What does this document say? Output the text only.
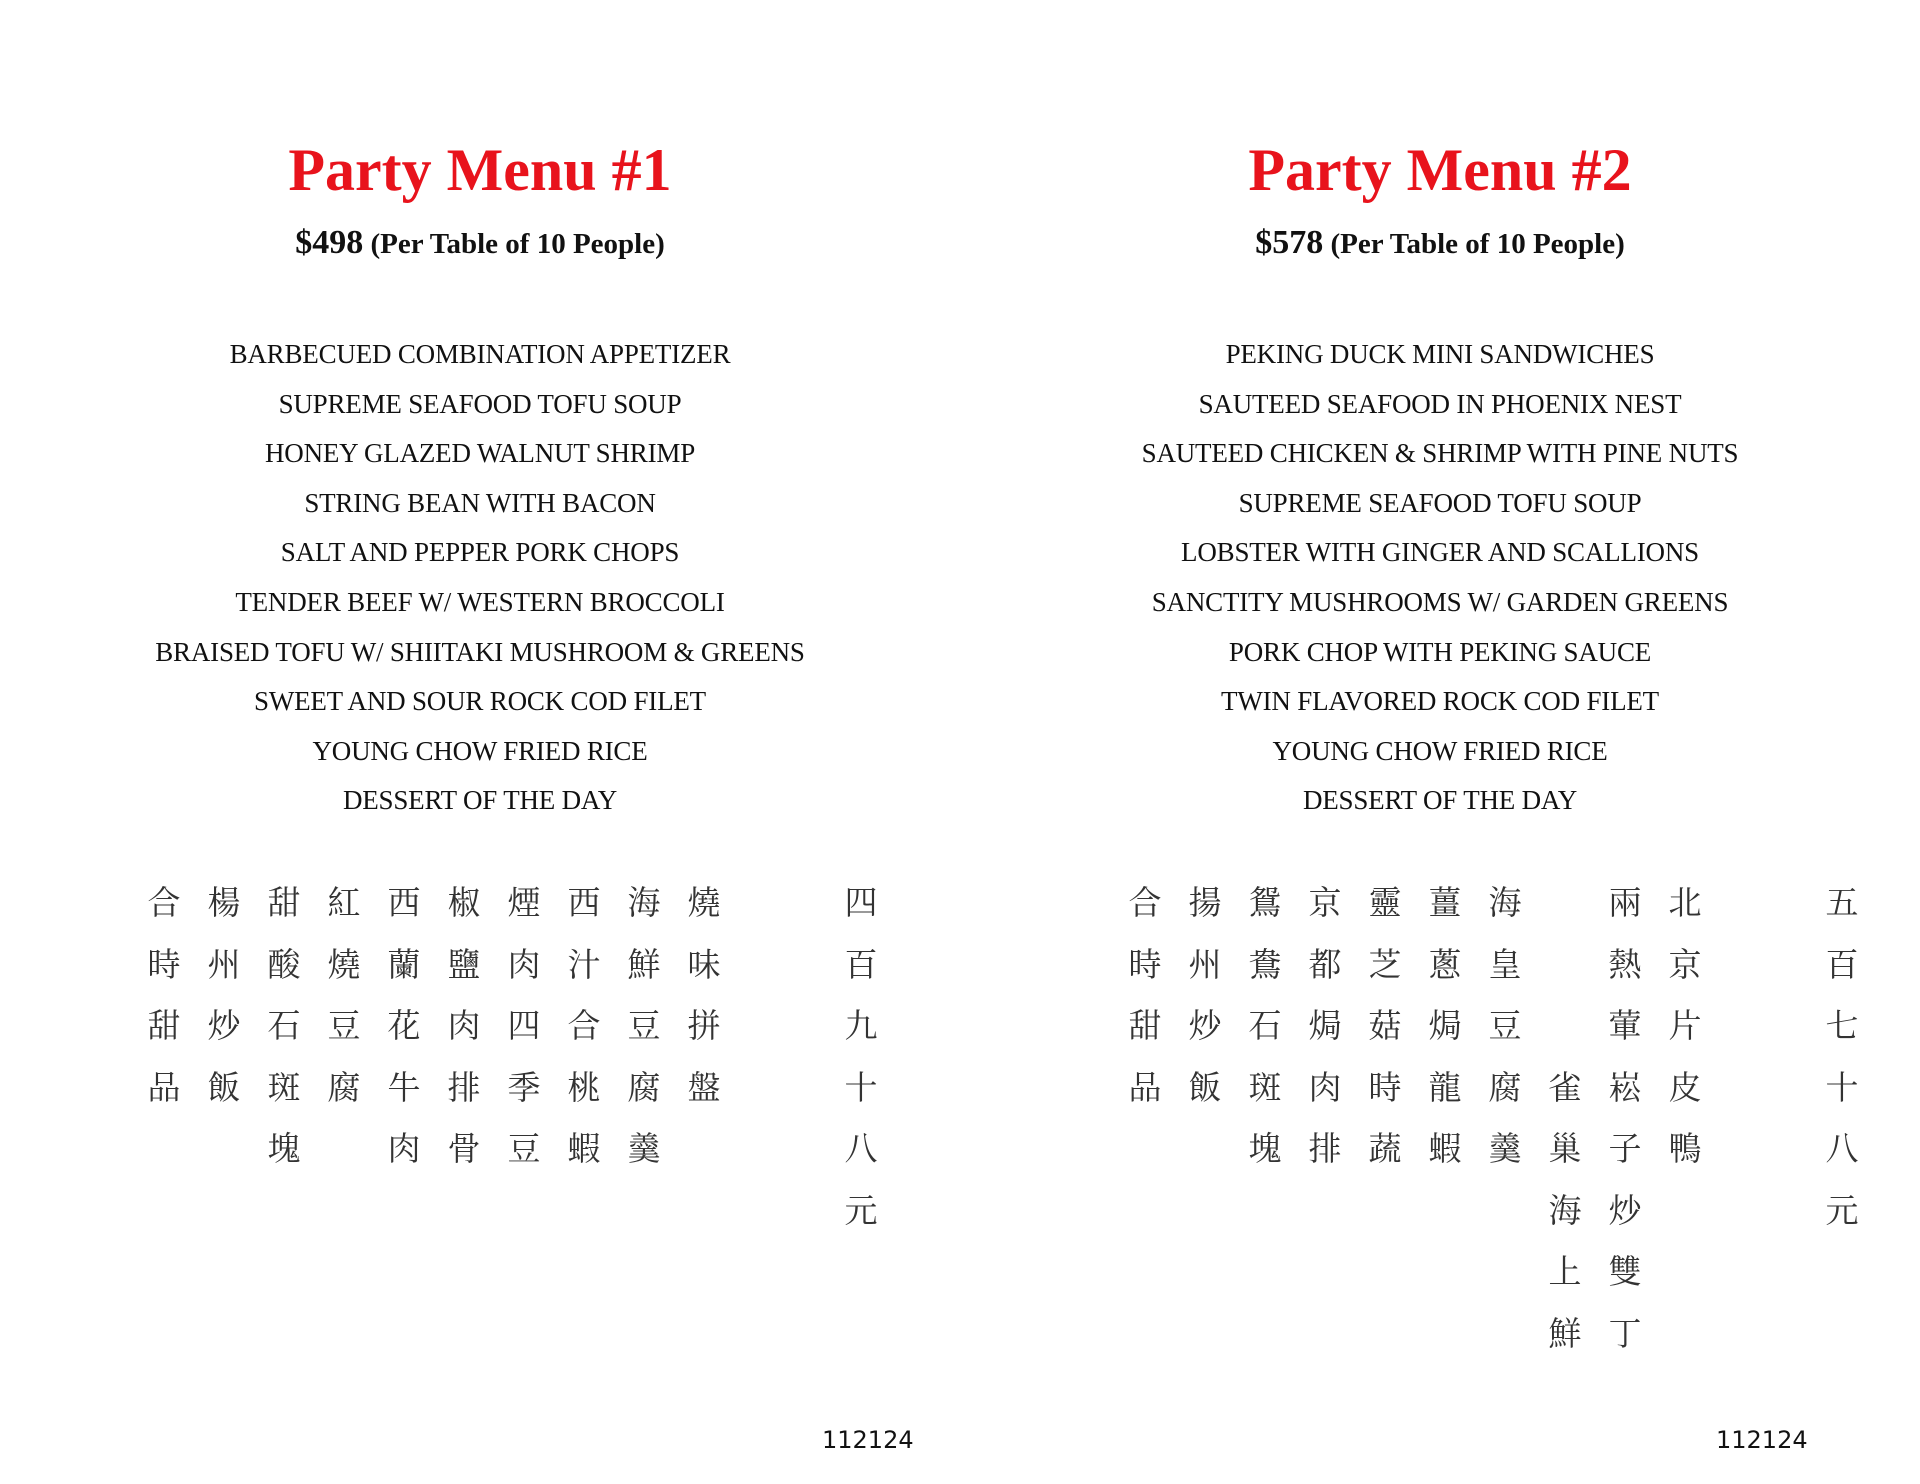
Party Menu #1
$498 (Per Table of 10 People)
BARBECUED COMBINATION APPETIZER
SUPREME SEAFOOD TOFU SOUP
HONEY GLAZED WALNUT SHRIMP
STRING BEAN WITH BACON
SALT AND PEPPER PORK CHOPS
TENDER BEEF W/ WESTERN BROCCOLI
BRAISED TOFU W/ SHIITAKI MUSHROOM & GREENS
SWEET AND SOUR ROCK COD FILET
YOUNG CHOW FRIED RICE
DESSERT OF THE DAY
合
時
甜
品
楊
州
炒
飯
甜
酸
石
斑
塊
紅
燒
豆
腐
西
蘭
花
牛
肉
椒
鹽
肉
排
骨
煙
肉
四
季
豆
西
汁
合
桃
蝦
海
鮮
豆
腐
羹
燒
味
拼
盤
四
百
九
十
八
元
112124
Party Menu #2
$578 (Per Table of 10 People)
PEKING DUCK MINI SANDWICHES
SAUTEED SEAFOOD IN PHOENIX NEST
SAUTEED CHICKEN & SHRIMP WITH PINE NUTS
SUPREME SEAFOOD TOFU SOUP
LOBSTER WITH GINGER AND SCALLIONS
SANCTITY MUSHROOMS W/ GARDEN GREENS
PORK CHOP WITH PEKING SAUCE
TWIN FLAVORED ROCK COD FILET
YOUNG CHOW FRIED RICE
DESSERT OF THE DAY
合
時
甜
品
揚
州
炒
飯
鴛
鴦
石
斑
塊
京
都
焗
肉
排
靈
芝
菇
時
蔬
薑
蔥
焗
龍
蝦
海
皇
豆
腐
羹

雀
巢
海
上
鮮
兩
熱
葷
崧
子
炒
雙
丁
北
京
片
皮
鴨
五
百
七
十
八
元
112124
